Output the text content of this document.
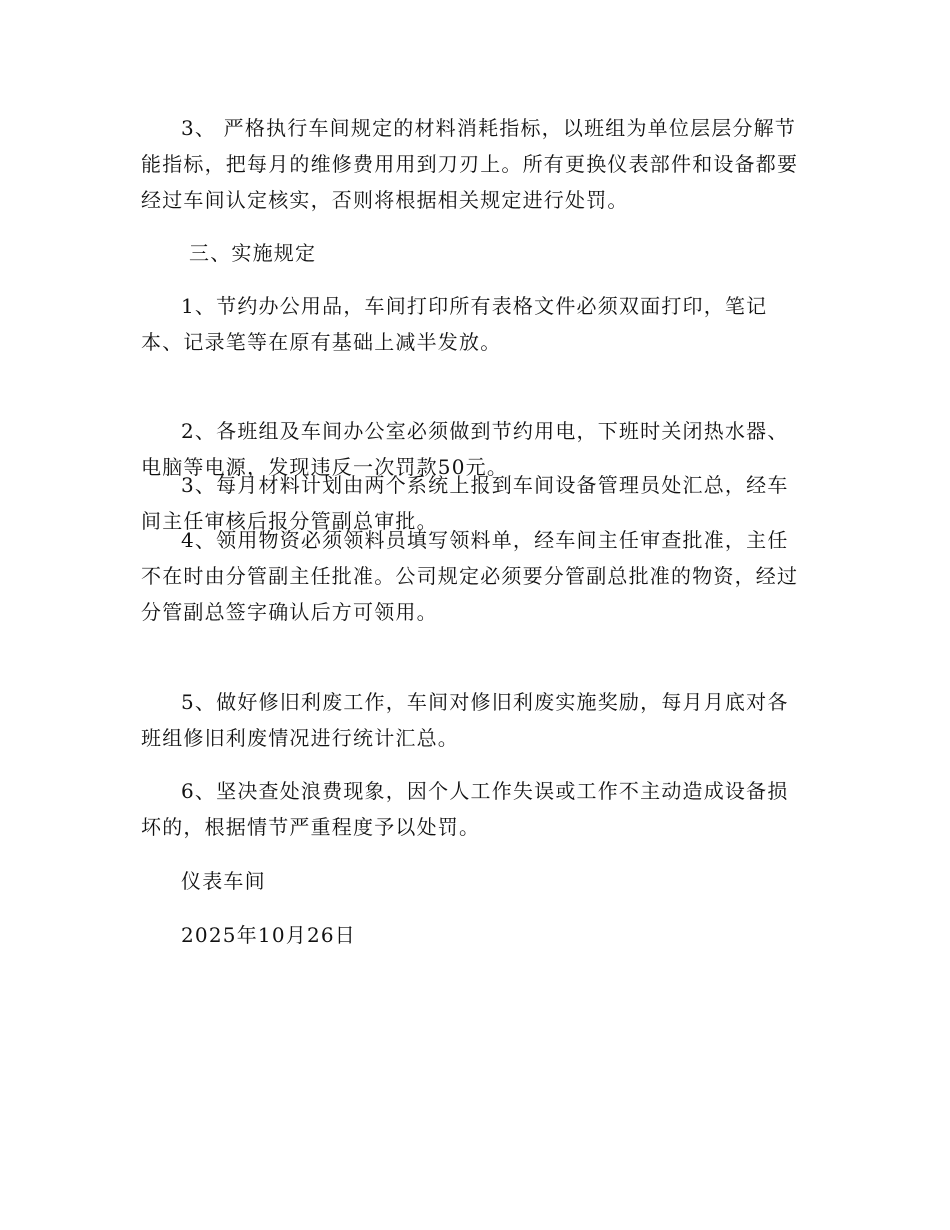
3、 严格执行车间规定的材料消耗指标，以班组为单位层层分解节能指标，把每月的维修费用用到刀刃上。所有更换仪表部件和设备都要经过车间认定核实，否则将根据相关规定进行处罚。

三、实施规定

1、节约办公用品，车间打印所有表格文件必须双面打印，笔记本、记录笔等在原有基础上减半发放。

2、各班组及车间办公室必须做到节约用电，下班时关闭热水器、电脑等电源，发现违反一次罚款50元。

3、每月材料计划由两个系统上报到车间设备管理员处汇总，经车间主任审核后报分管副总审批。

4、领用物资必须领料员填写领料单，经车间主任审查批准，主任不在时由分管副主任批准。公司规定必须要分管副总批准的物资，经过分管副总签字确认后方可领用。

5、做好修旧利废工作，车间对修旧利废实施奖励，每月月底对各班组修旧利废情况进行统计汇总。

6、坚决查处浪费现象，因个人工作失误或工作不主动造成设备损坏的，根据情节严重程度予以处罚。

仪表车间

2025年10月26日
